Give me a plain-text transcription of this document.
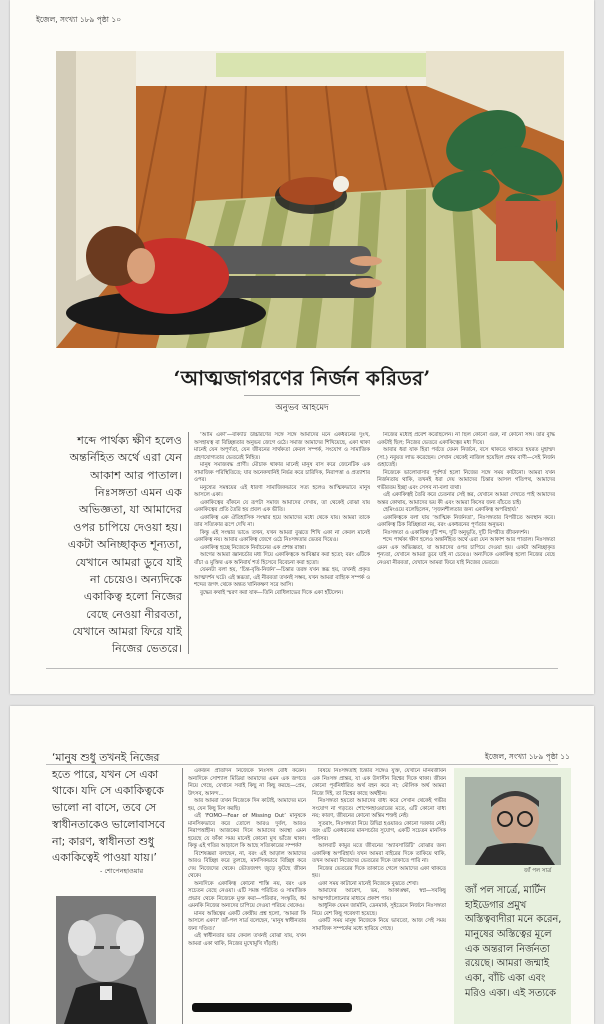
ইজেল, সংখ্যা ১৮৯ পৃষ্ঠা ১০
‘আত্মজাগরণের নির্জন করিডর’
অনুভব আহমেদ
শব্দে পার্থক্য ক্ষীণ হলেও অন্তর্নিহিত অর্থে এরা যেন আকাশ আর পাতাল। নিঃসঙ্গতা এমন এক অভিজ্ঞতা, যা আমাদের ওপর চাপিয়ে দেওয়া হয়। একটা অনিচ্ছাকৃত শূন্যতা, যেখানে আমরা ডুবে যাই না চেয়েও। অন্যদিকে একাকিত্ব হলো নিজের বেছে নেওয়া নীরবতা, যেখানে আমরা ফিরে যাই নিজের ভেতরে।

‘আমি একা’—বাক্যটি উচ্চারণের সঙ্গে সঙ্গে আমাদের মনে একধরনের দুঃখ, অসহায়ত্ব বা বিচ্ছিন্নতার অনুভব জেগে ওঠে। সমাজ আমাদের শিখিয়েছে, একা থাকা মানেই যেন অপূর্ণতা, যেন জীবনের সার্থকতা কেবল সম্পর্ক, সংযোগ ও সামাজিক গ্রহণযোগ্যতার ভেতরেই নিহিত।

মানুষ সমাজবদ্ধ প্রাণী। মৌচাক থাকার মানেই মানুষ বাস করে জেনেটিক এক সামাজিক পরিস্থিতিতে; যার অনেকখানিই নির্ভর করে চারিদিক, নিরাপত্তা ও প্রত্যাশার ওপর।

মনুষ্যের সমন্বয়ের এই ধারণা সামাজিকভাবে সত্য হলেও আত্মিকভাবে মানুষ আসলে একা।

একাকিত্বের বাঁকনে যে রূপটা সমাজ আমাদের দেখায়, তা থেকেই বোঝা যায় একাকিত্বের প্রতি তৈরি হয় প্রবল এক ভীতি।

একাকিত্ব এক ঐতিহাসিক সংস্কার হয়ে আমাদের মধ্যে থেকে যায়। আমরা তাকে তার সত্যিকার রূপে দেখি না।

কিন্তু এই সংস্কার ভাঙে তখন, যখন আমরা বুঝতে শিখি একা না কেবল মানেই একাকিত্ব নয়। আবার একাকিত্ব জেগে ওঠে নিঃসঙ্গতার ভেতর দিয়েও।

একাকিত্ব হচ্ছে নিজেকে নির্বাচনের এক প্রশস্ত রাস্তা।

আগের আমরা জ্ঞানচর্চার মধ্য দিয়ে একাকিত্বকে আবিষ্কার করা হতো; বরং এটিকে বাঁচা ও মুক্তির এক অনিবার্য শর্ত হিসেবে বিবেচনা করা হতো।

যেমনটা বলা হয়, ‘চিন্ত-বৃত্তি-নির্জন’—চিন্তার তরঙ্গ যখন স্তব্ধ হয়, তখনই প্রকৃত আত্মদর্শন ঘটে। এই স্তব্ধতা, এই নীরবতা তখনই সম্ভব, যখন আমরা বাহ্যিক সম্পর্ক ও শব্দের জগৎ থেকে অন্তত খানিকক্ষণ সরে আসি।

বুদ্ধের কথাই স্মরণ করা যাক—তিনি বোধিলাভের দিকে একা হাঁটলেন।

নিজের মধ্যেই প্রবেশ করেছিলেন। না ছিল কোনো গুরু, না কোনো সঙ্গ। তার বুদ্ধি একটাই ছিল; নিজের ভেতরে একাকিত্বের মধ্য দিয়ে।

আবার ধরা যাক হিরা পর্বতে যেমন নির্জনে, বসে থাকতে থাকতে হযরত মুহাম্মদ (সা.) নবুয়ত লাভ করেছেন। সেখান থেকেই নাজিল হয়েছিল প্রথম বাণী—সেই নির্জন গুহাতেই।

নিজেকে ভালোবাসার পূর্বশর্ত হলো নিজের সঙ্গে সময় কাটানো। আমরা যখন নির্জনতায় থাকি, তখনই ধরা দেয় আমাদের চিন্তার আসল গতিপথ, আমাদের গভীরতম ইচ্ছা এবং সেসব না-বলা ব্যথা।

এই একাকিত্বই তৈরি করে চেতনার সেই স্তর, যেখানে আমরা দেখতে পাই আমাদের অন্তর কোথায়, আমাদের ভয় কী এবং আমরা কিসের জন্য বাঁচতে চাই।

হেমিংওয়ে বলেছিলেন, ‘সৃজনশীলতার জন্য একাকিত্ব অপরিহার্য।’

একাকিত্বকে বলা যায় ‘আত্মিক নির্জনতা’, নিঃসঙ্গতার বিপরীতে অবস্থান করে। একাকিত্ব ঠিক বিচ্ছিন্নতা নয়, বরং একধরনের পূর্ণতার অনুভব।

নিঃসঙ্গতা ও একাকিত্ব দুটি শব্দ, দুটি অনুভূতি, দুটি বিপরীত জীবনদর্শন।

শব্দে পার্থক্য ক্ষীণ হলেও অন্তর্নিহিত অর্থে এরা যেন আকাশ আর পাতাল। নিঃসঙ্গতা এমন এক অভিজ্ঞতা, যা আমাদের ওপর চাপিয়ে দেওয়া হয়। একটা অনিচ্ছাকৃত শূন্যতা, যেখানে আমরা ডুবে যাই না চেয়েও। অন্যদিকে একাকিত্ব হলো নিজের বেছে নেওয়া নীরবতা, যেখানে আমরা ফিরে যাই নিজের ভেতরে।

ইজেল, সংখ্যা ১৮৯ পৃষ্ঠা ১১
‘মানুষ শুধু তখনই নিজের হতে পারে, যখন সে একা থাকে। যদি সে একাকিত্বকে ভালো না বাসে, তবে সে স্বাধীনতাকেও ভালোবাসবে না; কারণ, স্বাধীনতা শুধু একাকিত্বেই পাওয়া যায়।’
- শোপেনহাওয়ার

একজন প্রতিদিন নিজেকে নিঃসঙ্গ বোধ করেন। অন্যদিকে সোশ্যাল মিডিয়া আমাদের এমন এক জগতে নিয়ে গেছে, যেখানে সবাই কিছু না কিছু করছে—প্রেম, উৎসব, আনন্দ…

আর আমরা তখন নিজেকে দিন কাটাই, আমাদের মনে হয়, যেন কিছু মিস করছি।

এই ‘FOMO—Fear of Missing Out’ মানুষকে মানসিকভাবে করে তোলে আরও দুর্বল, আরও নিরাপত্তাহীন। আজকের দিনে আমাদের অবস্থা এমন হয়েছে যে ফাঁকা সময় মানেই কোনো মুখ ভাঁজে থাকা। কিন্তু এই গতির আড়ালে কি আছে সত্যিকারের সম্পর্ক?

বিশেষজ্ঞরা বলছেন, না, বরং এই আড়াল আমাদের আরও বিচ্ছিন্ন করে তুলছে, মানসিকভাবে বিচ্ছিন্ন করে দেয় নিজেদের থেকে। ভৌতজগৎ জুড়ে ফুটছে জীবন থেকে।

অন্যদিকে একাকিত্ব কোনো শাস্তি নয়, বরং এক সচেতন বেছে নেওয়া। এটি সমস্ত পরিচিত ও সামাজিক প্রভাব থেকে নিজেকে মুক্ত করা—পরিবার, সংস্কৃতি, ধর্ম এমনকি নিজের অন্যদের চাপিয়ে দেওয়া পরিচয় থেকেও।

মানব অস্তিত্বের একটি কেন্দ্রীয় প্রশ্ন হলো, ‘আমরা কি আসলে একা?’ জাঁ-পল সার্ত্র বলেছেন, ‘মানুষ স্বাধীনতার জন্য দণ্ডিত।’

এই স্বাধীনতার ভার কেবল তখনই বোঝা যায়, যখন আমরা একা থাকি, নিজের মুখোমুখি দাঁড়াই।

বিষয়ে নিঃসঙ্গতাই চিন্তার সঙ্গেও যুক্ত, যেখানে মানবজীবন এক নিঃসঙ্গ প্রান্তর, যা এক উদাসীন বিশ্বের দিকে থাকা। জীবন কোনো পূর্বনির্ধারিত অর্থ বহন করে না; মৌলিক অর্থ আমরা নিজে দিই, তা বিশ্বের কাছে অর্থহীন।

নিঃসঙ্গতা হয়তো আমাদের বাধ্য করে সেখান থেকেই গভীর সংযোগ না গড়তে। শোপেনহাওয়ারের মতে, এটি কোনো বাধ্য নয়; কারণ, জীবনের কোনো অন্তিম শক্তই নেই।

সুতরাং, নিঃসঙ্গতা নিয়ে উদ্বিগ্ন হওয়ারও কোনো দরকার নেই। বরং এটি একধরনের মানসচর্চার সুযোগ, একটি সচেতন মানসিক পরিসর।

আলবার্ট কামুর মতে জীবনের ‘অ্যাবসার্ডিটি’ বোঝার জন্য একাকিত্ব অপরিহার্য। যখন আমরা বাইরের দিকে তাকিয়ে থাকি, তখন আমরা নিজেদের ভেতরের দিকে তাকাতে পারি না।

নিজের ভেতরের দিকে তাকাতে গেলে আমাদের একা থাকতে হয়।

একা সময় কাটানো মানেই নিজেকে বুঝতে শেখা।

আমাদের আবেগ, ভয়, আকাঙ্ক্ষা, স্বপ্ন—সবকিছু আত্মপর্যালোচনার মাধ্যমে প্রকাশ পায়।

আধুনিক যেমন জার্মানি, ডেনমার্ক, সুইডেনে নির্জনে নিঃসঙ্গতা নিয়ে বেশ কিছু গবেষণা হয়েছে।

একটি সময় মানুষ নিজেকে নিয়ে ভাবতো, আজ সেই সময় সামাজিক সম্পর্কের মধ্যে হারিয়ে গেছে।

জাঁ পল সার্ত্র
জাঁ পল সার্ত্রে, মার্টিন হাইডেগার প্রমুখ অস্তিত্ববাদীরা মনে করেন, মানুষের অস্তিত্বের মূলে এক অন্তরাল নির্জনতা রয়েছে। আমরা জন্মাই একা, বাঁচি একা এবং মরিও একা। এই সত্যকে
